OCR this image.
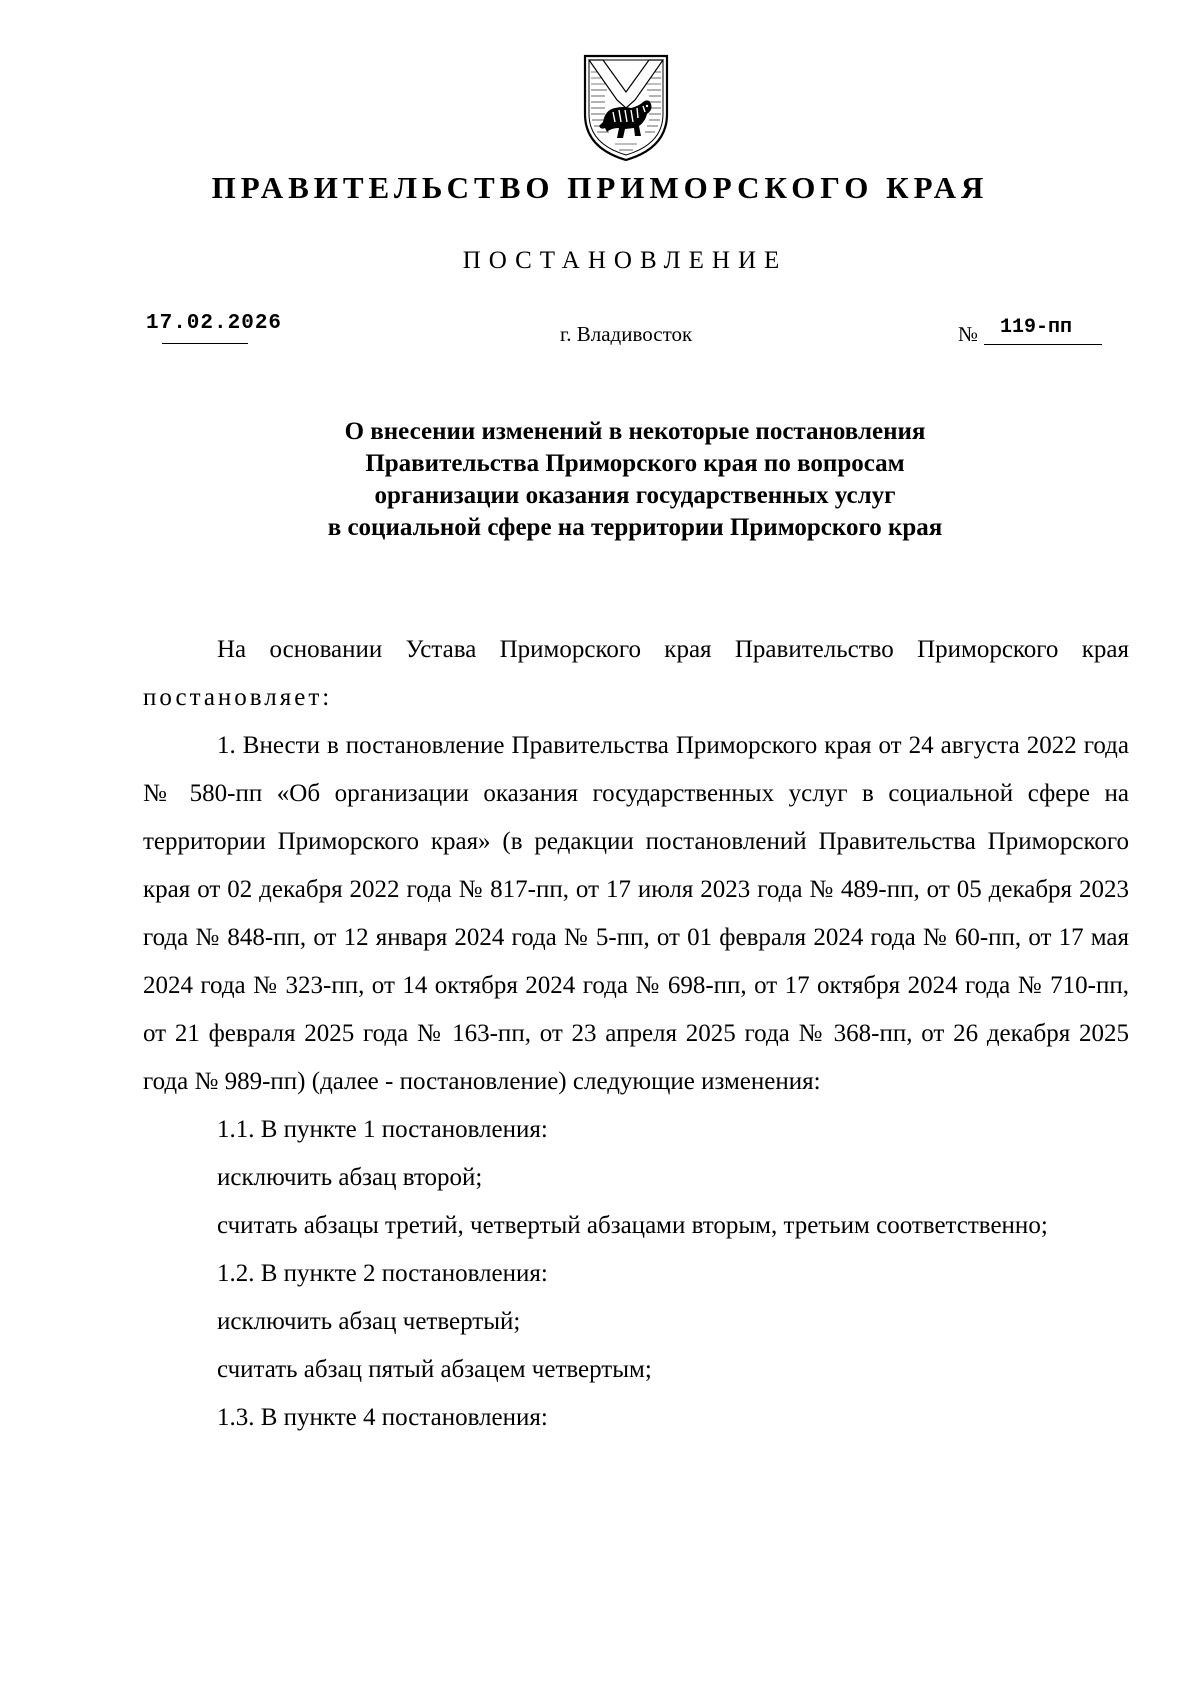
ПРАВИТЕЛЬСТВО ПРИМОРСКОГО КРАЯ
ПОСТАНОВЛЕНИЕ
17.02.2026	г. Владивосток	№ 119-пп
О внесении изменений в некоторые постановления
Правительства Приморского края по вопросам
организации оказания государственных услуг
в социальной сфере на территории Приморского края

На основании Устава Приморского края Правительство Приморского края постановляет:

1. Внести в постановление Правительства Приморского края от 24 августа 2022 года № 580-пп «Об организации оказания государственных услуг в социальной сфере на территории Приморского края» (в редакции постановлений Правительства Приморского края от 02 декабря 2022 года № 817-пп, от 17 июля 2023 года № 489-пп, от 05 декабря 2023 года № 848-пп, от 12 января 2024 года № 5-пп, от 01 февраля 2024 года № 60-пп, от 17 мая 2024 года № 323-пп, от 14 октября 2024 года № 698-пп, от 17 октября 2024 года № 710-пп, от 21 февраля 2025 года № 163-пп, от 23 апреля 2025 года № 368-пп, от 26 декабря 2025 года № 989-пп) (далее - постановление) следующие изменения:

1.1. В пункте 1 постановления:

исключить абзац второй;

считать абзацы третий, четвертый абзацами вторым, третьим соответственно;

1.2. В пункте 2 постановления:

исключить абзац четвертый;

считать абзац пятый абзацем четвертым;

1.3. В пункте 4 постановления:
